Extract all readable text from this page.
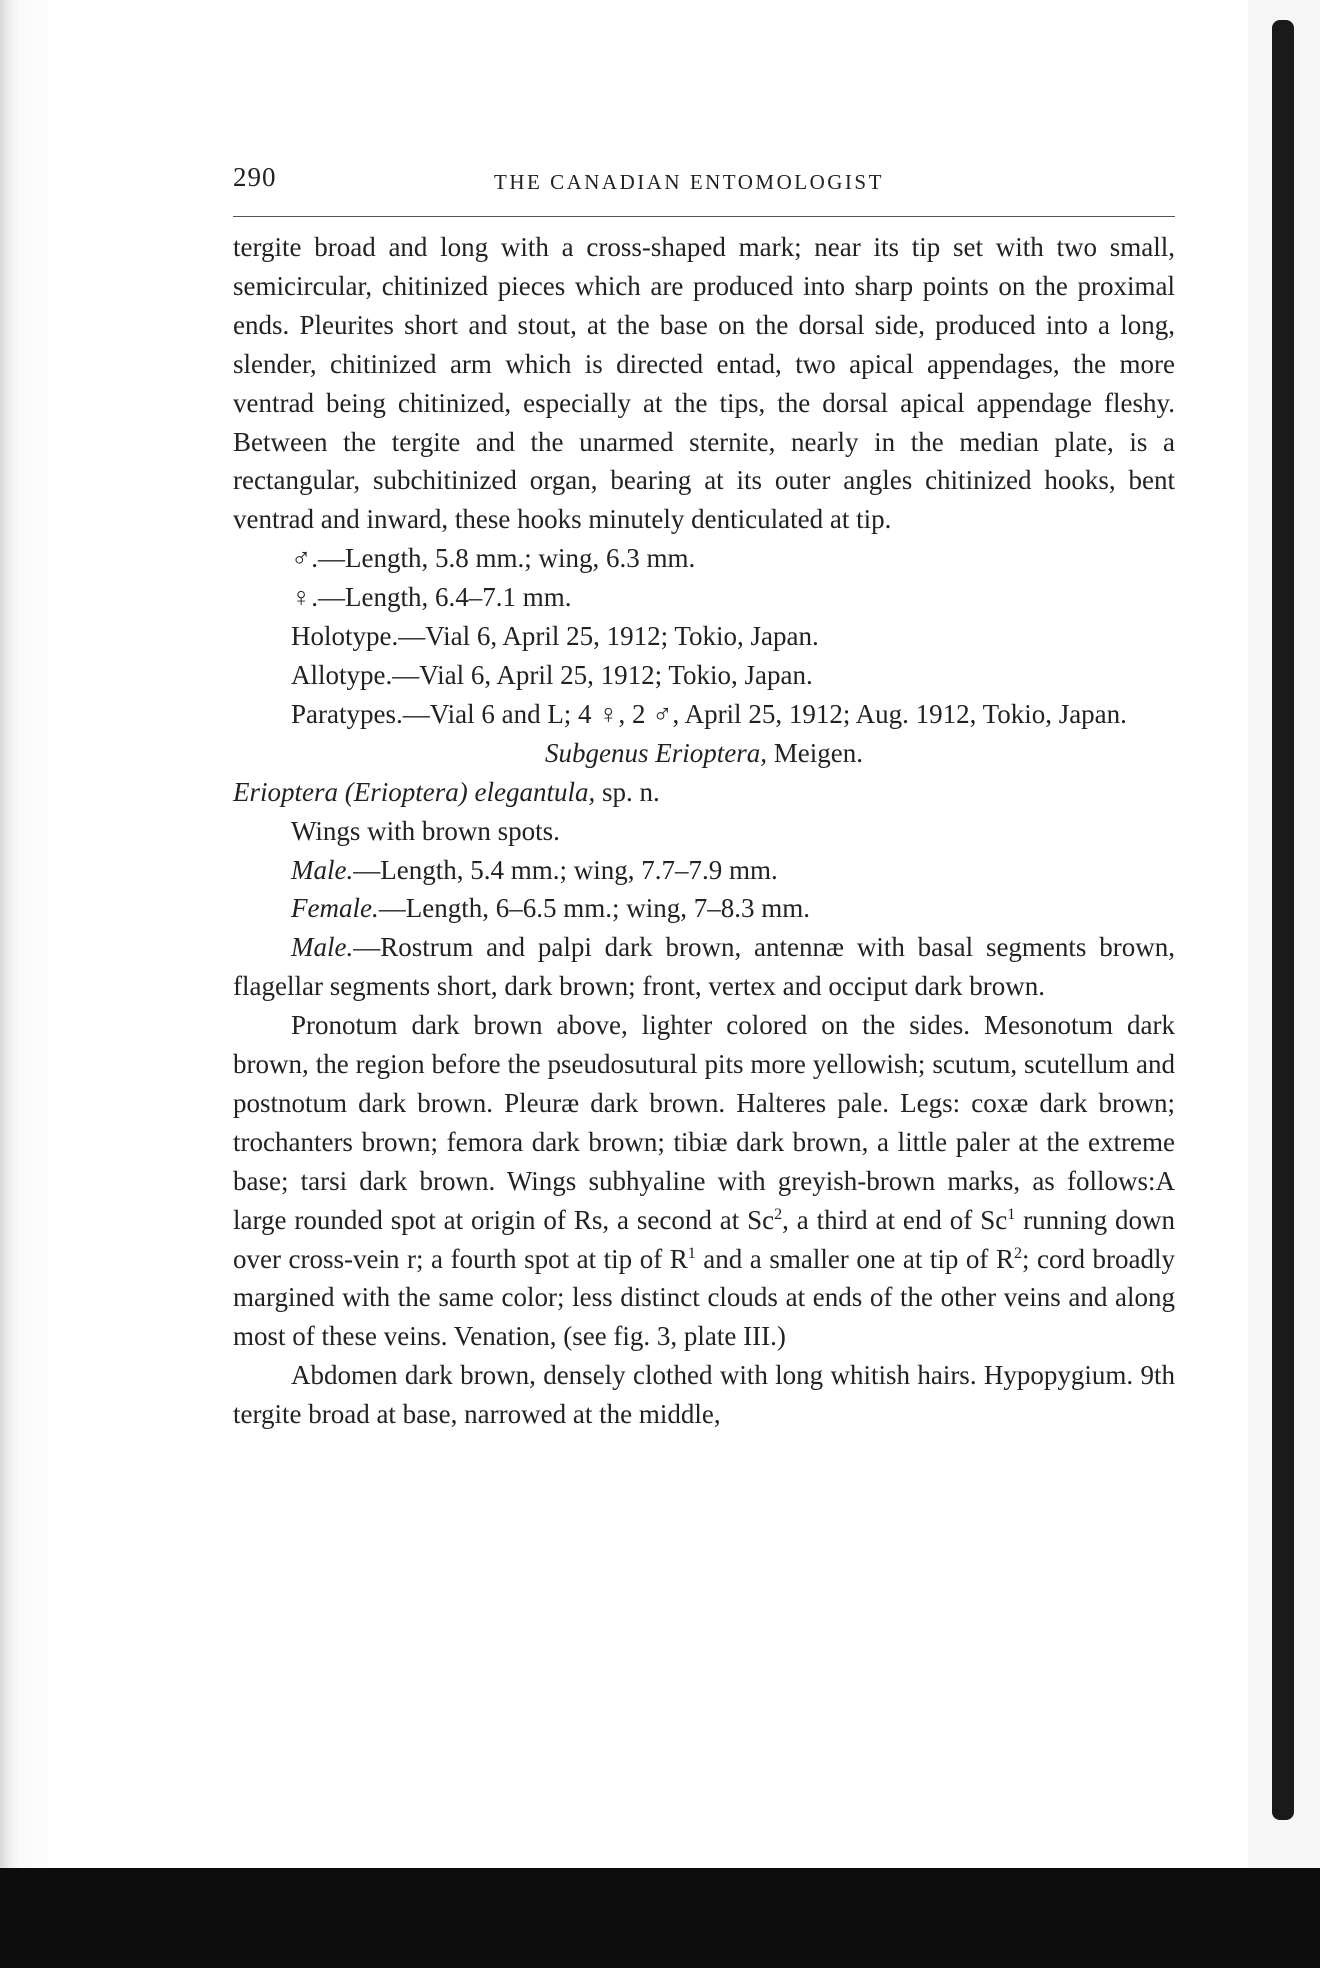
290	THE CANADIAN ENTOMOLOGIST

tergite broad and long with a cross-shaped mark; near its tip set with two small, semicircular, chitinized pieces which are produced into sharp points on the proximal ends. Pleurites short and stout, at the base on the dorsal side, produced into a long, slender, chitinized arm which is directed entad, two apical appendages, the more ventrad being chitinized, especially at the tips, the dorsal apical appendage fleshy. Between the tergite and the unarmed sternite, nearly in the median plate, is a rectangular, subchitinized organ, bearing at its outer angles chitinized hooks, bent ventrad and inward, these hooks minutely denticulated at tip.

♂.—Length, 5.8 mm.; wing, 6.3 mm.

♀.—Length, 6.4–7.1 mm.

Holotype.—Vial 6, April 25, 1912; Tokio, Japan.

Allotype.—Vial 6, April 25, 1912; Tokio, Japan.

Paratypes.—Vial 6 and L; 4 ♀, 2 ♂, April 25, 1912; Aug. 1912, Tokio, Japan.

Subgenus Erioptera, Meigen.

Erioptera (Erioptera) elegantula, sp. n.

Wings with brown spots.

Male.—Length, 5.4 mm.; wing, 7.7–7.9 mm.

Female.—Length, 6–6.5 mm.; wing, 7–8.3 mm.

Male.—Rostrum and palpi dark brown, antennæ with basal segments brown, flagellar segments short, dark brown; front, vertex and occiput dark brown.

Pronotum dark brown above, lighter colored on the sides. Mesonotum dark brown, the region before the pseudosutural pits more yellowish; scutum, scutellum and postnotum dark brown. Pleuræ dark brown. Halteres pale. Legs: coxæ dark brown; trochanters brown; femora dark brown; tibiæ dark brown, a little paler at the extreme base; tarsi dark brown. Wings subhyaline with greyish-brown marks, as follows:A large rounded spot at origin of Rs, a second at Sc$^2$, a third at end of Sc$^1$ running down over cross-vein r; a fourth spot at tip of $R^1$ and a smaller one at tip of $R^2$; cord broadly margined with the same color; less distinct clouds at ends of the other veins and along most of these veins. Venation, (see fig. 3, plate III.)

Abdomen dark brown, densely clothed with long whitish hairs. Hypopygium. 9th tergite broad at base, narrowed at the middle,
